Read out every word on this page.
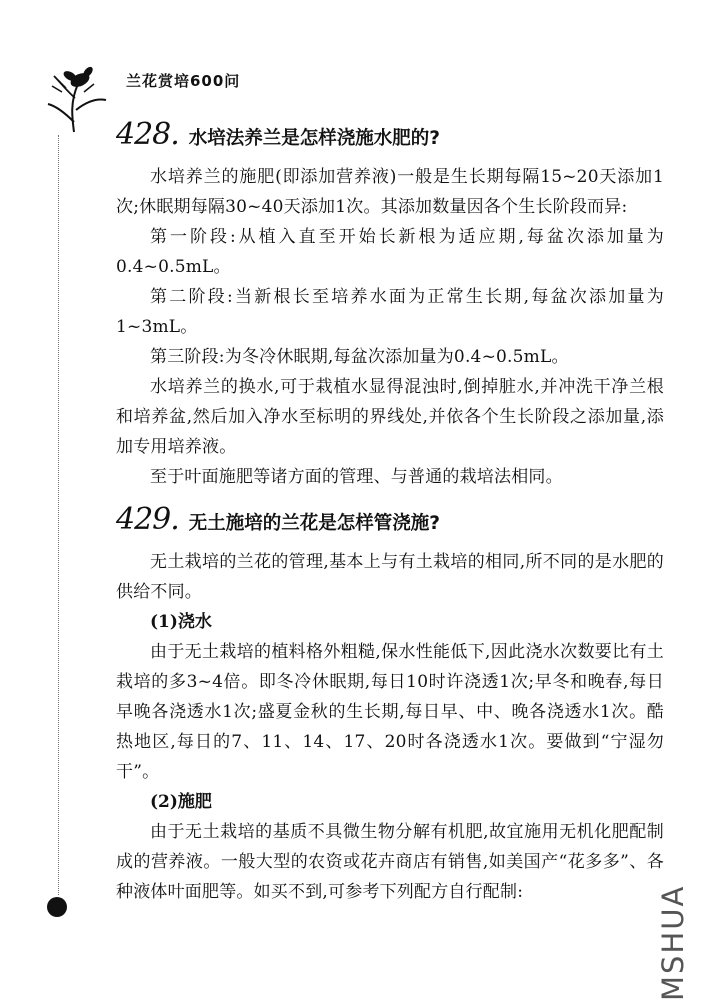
兰花赏培600问
MSHUA
428. 水培法养兰是怎样浇施水肥的?

水培养兰的施肥(即添加营养液)一般是生长期每隔15~20天添加1次;休眠期每隔30~40天添加1次。其添加数量因各个生长阶段而异:

第一阶段:从植入直至开始长新根为适应期,每盆次添加量为0.4~0.5mL。

第二阶段:当新根长至培养水面为正常生长期,每盆次添加量为1~3mL。

第三阶段:为冬冷休眠期,每盆次添加量为0.4~0.5mL。

水培养兰的换水,可于栽植水显得混浊时,倒掉脏水,并冲洗干净兰根和培养盆,然后加入净水至标明的界线处,并依各个生长阶段之添加量,添加专用培养液。

至于叶面施肥等诸方面的管理、与普通的栽培法相同。

429. 无土施培的兰花是怎样管浇施?

无土栽培的兰花的管理,基本上与有土栽培的相同,所不同的是水肥的供给不同。

(1)浇水

由于无土栽培的植料格外粗糙,保水性能低下,因此浇水次数要比有土栽培的多3~4倍。即冬冷休眠期,每日10时许浇透1次;早冬和晚春,每日早晚各浇透水1次;盛夏金秋的生长期,每日早、中、晚各浇透水1次。酷热地区,每日的7、11、14、17、20时各浇透水1次。要做到“宁湿勿干”。

(2)施肥

由于无土栽培的基质不具微生物分解有机肥,故宜施用无机化肥配制成的营养液。一般大型的农资或花卉商店有销售,如美国产“花多多”、各种液体叶面肥等。如买不到,可参考下列配方自行配制:
